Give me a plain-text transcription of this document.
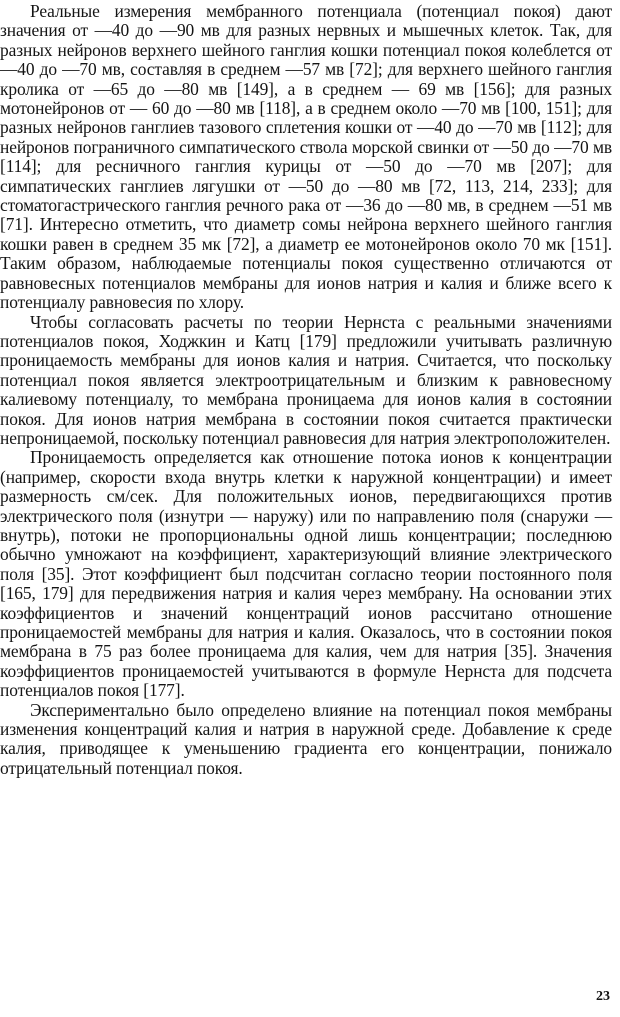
Реальные измерения мембранного потенциала (потенциал покоя) дают значения от —40 до —90 мв для разных нервных и мышечных клеток. Так, для разных нейронов верхнего шейного ганглия кошки потенциал покоя колеблется от —40 до —70 мв, составляя в среднем —57 мв [72]; для верхнего шейного ганглия кролика от —65 до —80 мв [149], а в среднем — 69 мв [156]; для разных мотонейронов от — 60 до —80 мв [118], а в среднем около —70 мв [100, 151]; для разных нейронов ганглиев тазового сплетения кошки от —40 до —70 мв [112]; для нейронов пограничного симпатического ствола морской свинки от —50 до —70 мв [114]; для ресничного ганглия курицы от —50 до —70 мв [207]; для симпатических ганглиев лягушки от —50 до —80 мв [72, 113, 214, 233]; для стоматогастрического ганглия речного рака от —36 до —80 мв, в среднем —51 мв [71]. Интересно отметить, что диаметр сомы нейрона верхнего шейного ганглия кошки равен в среднем 35 мк [72], а диаметр ее мотонейронов около 70 мк [151]. Таким образом, наблюдаемые потенциалы покоя существенно отличаются от равновесных потенциалов мембраны для ионов натрия и калия и ближе всего к потенциалу равновесия по хлору.

Чтобы согласовать расчеты по теории Нернста с реальными значениями потенциалов покоя, Ходжкин и Катц [179] предложили учитывать различную проницаемость мембраны для ионов калия и натрия. Считается, что поскольку потенциал покоя является электроотрицательным и близким к равновесному калиевому потенциалу, то мембрана проницаема для ионов калия в состоянии покоя. Для ионов натрия мембрана в состоянии покоя считается практически непроницаемой, поскольку потенциал равновесия для натрия электроположителен.

Проницаемость определяется как отношение потока ионов к концентрации (например, скорости входа внутрь клетки к наружной концентрации) и имеет размерность см/сек. Для положительных ионов, передвигающихся против электрического поля (изнутри — наружу) или по направлению поля (снаружи — внутрь), потоки не пропорциональны одной лишь концентрации; последнюю обычно умножают на коэффициент, характеризующий влияние электрического поля [35]. Этот коэффициент был подсчитан согласно теории постоянного поля [165, 179] для передвижения натрия и калия через мембрану. На основании этих коэффициентов и значений концентраций ионов рассчитано отношение проницаемостей мембраны для натрия и калия. Оказалось, что в состоянии покоя мембрана в 75 раз более проницаема для калия, чем для натрия [35]. Значения коэффициентов проницаемостей учитываются в формуле Нернста для подсчета потенциалов покоя [177].

Экспериментально было определено влияние на потенциал покоя мембраны изменения концентраций калия и натрия в наружной среде. Добавление к среде калия, приводящее к уменьшению градиента его концентрации, понижало отрицательный потенциал покоя.

23
